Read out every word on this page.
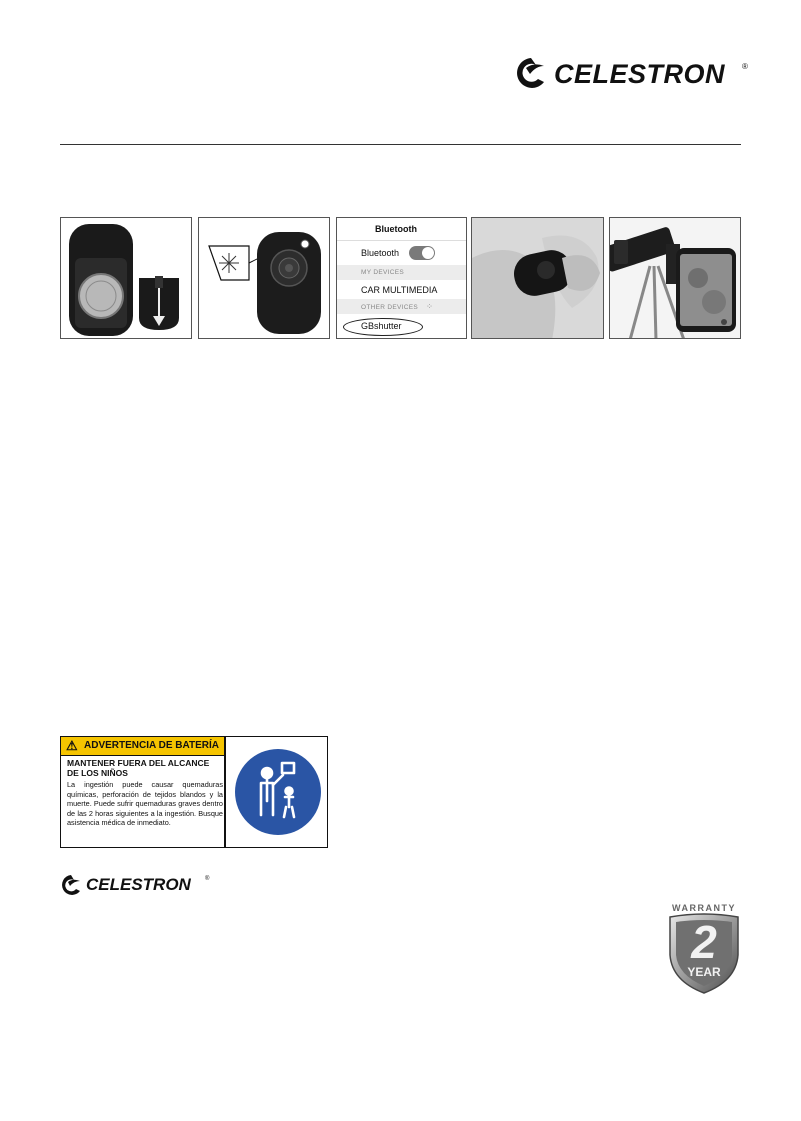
CELESTRON ®
Bluetooth
Bluetooth
MY DEVICES
CAR MULTIMEDIA
OTHER DEVICES ⁘
GBshutter
⚠ ADVERTENCIA DE BATERÍA
MANTENER FUERA DEL ALCANCE DE LOS NIÑOS
La ingestión puede causar quemaduras químicas, perforación de tejidos blandos y la muerte. Puede sufrir quemaduras graves dentro de las 2 horas siguientes a la ingestión. Busque asistencia médica de inmediato.
CELESTRON ®
WARRANTY
2
YEAR
